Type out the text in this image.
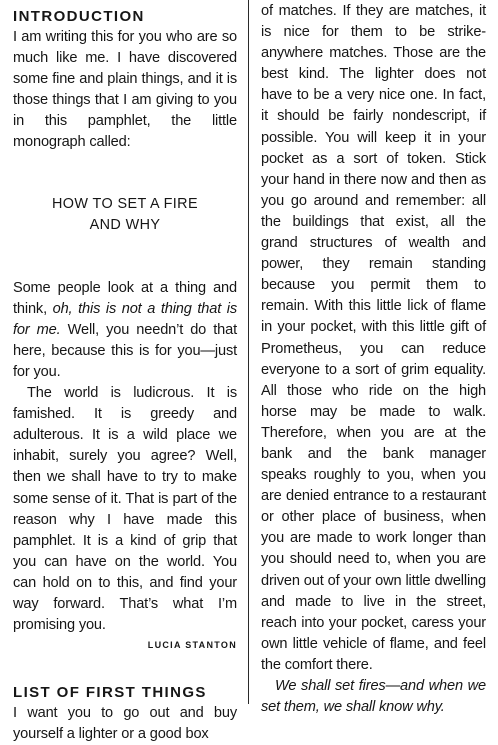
INTRODUCTION

I am writing this for you who are so much like me. I have discovered some fine and plain things, and it is those things that I am giving to you in this pamphlet, the little monograph called:

HOW TO SET A FIRE
AND WHY

Some people look at a thing and think, oh, this is not a thing that is for me. Well, you needn’t do that here, because this is for you—just for you.

The world is ludicrous. It is famished. It is greedy and adulterous. It is a wild place we inhabit, surely you agree? Well, then we shall have to try to make some sense of it. That is part of the reason why I have made this pamphlet. It is a kind of grip that you can have on the world. You can hold on to this, and find your way forward. That’s what I’m promising you.

LUCIA STANTON
LIST OF FIRST THINGS

I want you to go out and buy yourself a lighter or a good box

of matches. If they are matches, it is nice for them to be strike-anywhere matches. Those are the best kind. The lighter does not have to be a very nice one. In fact, it should be fairly nondescript, if possible. You will keep it in your pocket as a sort of token. Stick your hand in there now and then as you go around and remember: all the buildings that exist, all the grand structures of wealth and power, they remain standing because you permit them to remain. With this little lick of flame in your pocket, with this little gift of Prometheus, you can reduce everyone to a sort of grim equality. All those who ride on the high horse may be made to walk. Therefore, when you are at the bank and the bank manager speaks roughly to you, when you are denied entrance to a restaurant or other place of business, when you are made to work longer than you should need to, when you are driven out of your own little dwelling and made to live in the street, reach into your pocket, caress your own little vehicle of flame, and feel the comfort there.

We shall set fires—and when we set them, we shall know why.
